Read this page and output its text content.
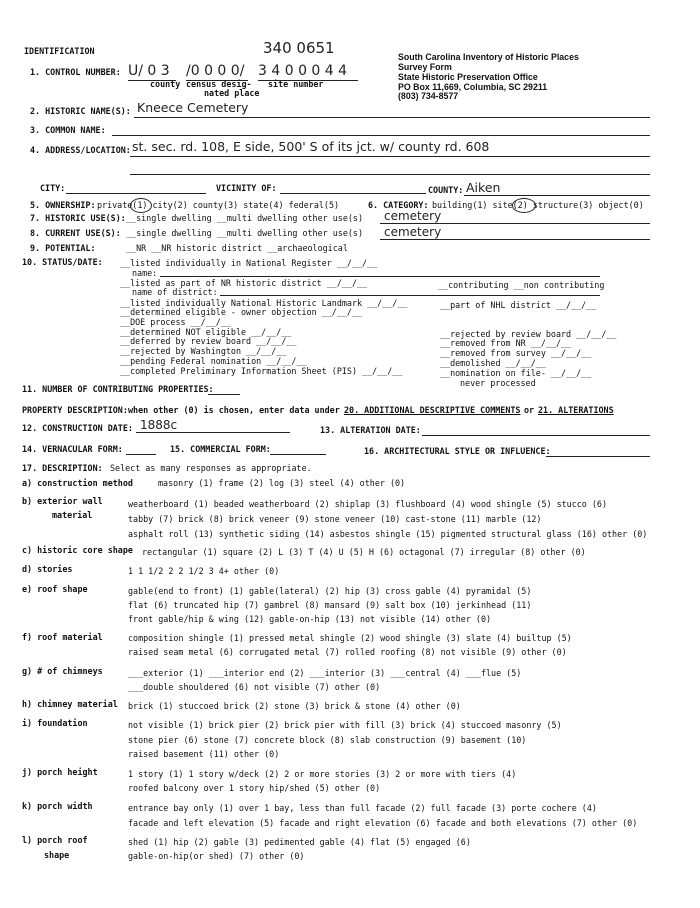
IDENTIFICATION	340 0651	South Carolina Inventory of Historic Places
Survey Form
State Historic Preservation Office
PO Box 11,669, Columbia, SC 29211
(803) 734-8577
1. CONTROL NUMBER: U/ 0 3 /0 0 0 0/ 3 4 0 0 0 4 4
county census desig-
nated place
site number
2. HISTORIC NAME(S): Kneece Cemetery
3. COMMON NAME:
4. ADDRESS/LOCATION: st. sec. rd. 108, E side, 500' S of its jct. w/ county rd. 608
CITY:	VICINITY OF:	COUNTY: Aiken
5. OWNERSHIP: private(1) city(2) county(3) state(4) federal(5)	6. CATEGORY: building(1) site(2) structure(3) object(0)
7. HISTORIC USE(S): __single dwelling __multi dwelling other use(s) cemetery
8. CURRENT USE(S): __single dwelling __multi dwelling other use(s) cemetery
9. POTENTIAL:	__NR __NR historic district __archaeological
10. STATUS/DATE: __listed individually in National Register __/__/__
name:
__listed as part of NR historic district __/__/__
name of district:
__listed individually National Historic Landmark __/__/__
__determined eligible - owner objection __/__/__
__DOE process __/__/__
__determined NOT eligible __/__/__
__deferred by review board __/__/__
__rejected by Washington __/__/__
__pending Federal nomination __/__/__
__completed Preliminary Information Sheet (PIS) __/__/__
__contributing __non contributing
__part of NHL district __/__/__
__rejected by review board __/__/__
__removed from NR __/__/__
__removed from survey __/__/__
__demolished __/__/__
__nomination on file- __/__/__
never processed
11. NUMBER OF CONTRIBUTING PROPERTIES:
PROPERTY DESCRIPTION: when other (0) is chosen, enter data under 20. ADDITIONAL DESCRIPTIVE COMMENTS or 21. ALTERATIONS
12. CONSTRUCTION DATE: 1888c	13. ALTERATION DATE:
14. VERNACULAR FORM:	15. COMMERCIAL FORM:	16. ARCHITECTURAL STYLE OR INFLUENCE:
17. DESCRIPTION: Select as many responses as appropriate.
a) construction method	masonry (1) frame (2) log (3) steel (4) other (0)
b) exterior wall
material
weatherboard (1) beaded weatherboard (2) shiplap (3) flushboard (4) wood shingle (5) stucco (6)
tabby (7) brick (8) brick veneer (9) stone veneer (10) cast-stone (11) marble (12)
asphalt roll (13) synthetic siding (14) asbestos shingle (15) pigmented structural glass (16) other (0)
c) historic core shape rectangular (1) square (2) L (3) T (4) U (5) H (6) octagonal (7) irregular (8) other (0)
d) stories	1 1 1/2 2 2 1/2 3 4+ other (0)
e) roof shape	gable(end to front) (1) gable(lateral) (2) hip (3) cross gable (4) pyramidal (5)
flat (6) truncated hip (7) gambrel (8) mansard (9) salt box (10) jerkinhead (11)
front gable/hip & wing (12) gable-on-hip (13) not visible (14) other (0)
f) roof material	composition shingle (1) pressed metal shingle (2) wood shingle (3) slate (4) builtup (5)
raised seam metal (6) corrugated metal (7) rolled roofing (8) not visible (9) other (0)
g) # of chimneys	___exterior (1) ___interior end (2) ___interior (3) ___central (4) ___flue (5)
___double shouldered (6) not visible (7) other (0)
h) chimney material brick (1) stuccoed brick (2) stone (3) brick & stone (4) other (0)
i) foundation	not visible (1) brick pier (2) brick pier with fill (3) brick (4) stuccoed masonry (5)
stone pier (6) stone (7) concrete block (8) slab construction (9) basement (10)
raised basement (11) other (0)
j) porch height	1 story (1) 1 story w/deck (2) 2 or more stories (3) 2 or more with tiers (4)
roofed balcony over 1 story hip/shed (5) other (0)
k) porch width	entrance bay only (1) over 1 bay, less than full facade (2) full facade (3) porte cochere (4)
facade and left elevation (5) facade and right elevation (6) facade and both elevations (7) other (0)
l) porch roof
shape
shed (1) hip (2) gable (3) pedimented gable (4) flat (5) engaged (6)
gable-on-hip(or shed) (7) other (0)
